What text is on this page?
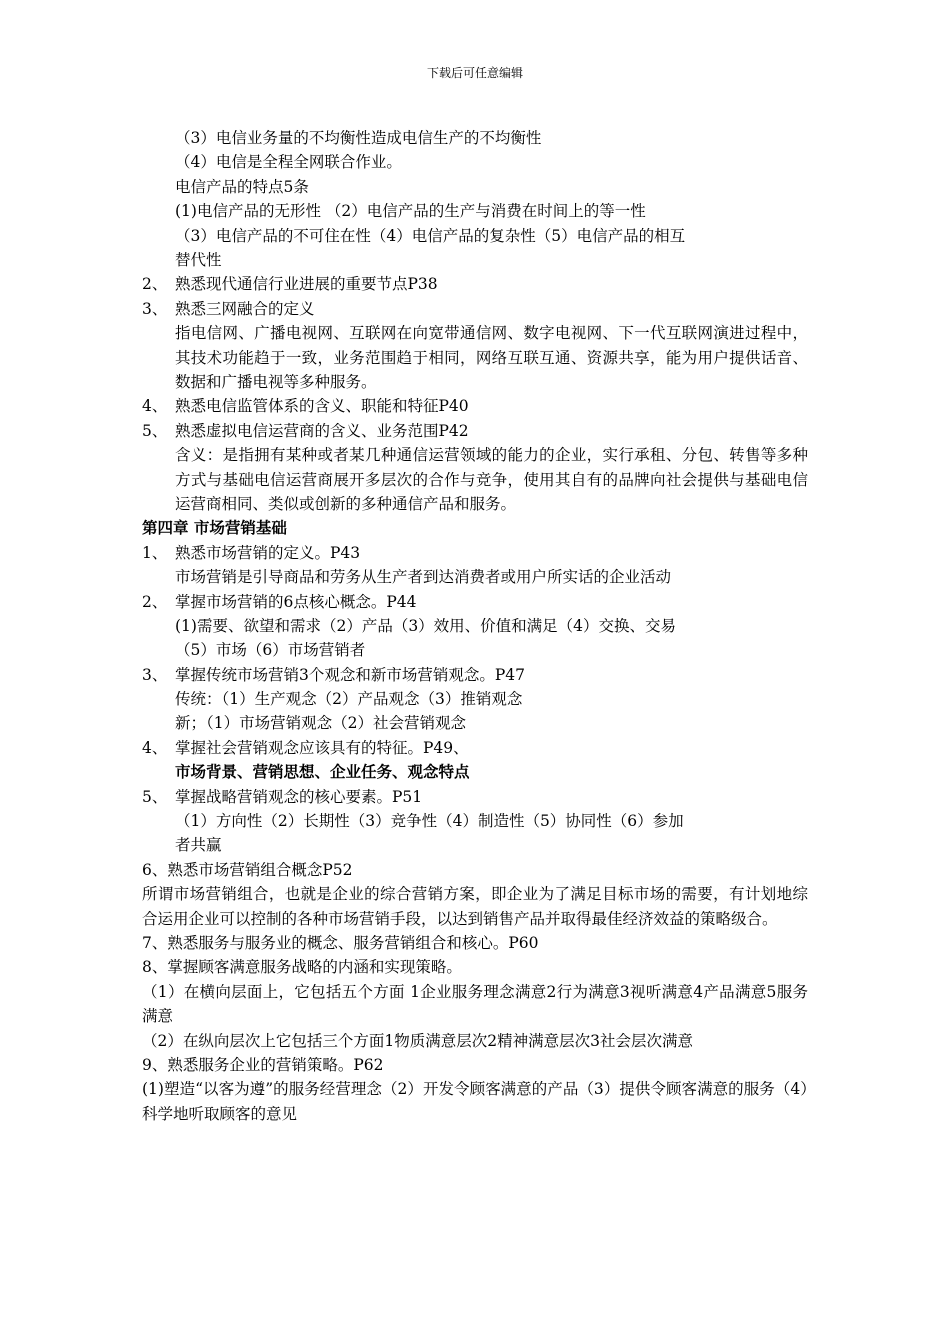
下载后可任意编辑
（3）电信业务量的不均衡性造成电信生产的不均衡性
（4）电信是全程全网联合作业。
电信产品的特点5条
(1)电信产品的无形性 （2）电信产品的生产与消费在时间上的等一性
（3）电信产品的不可住在性（4）电信产品的复杂性（5）电信产品的相互
替代性
2、 熟悉现代通信行业进展的重要节点P38
3、 熟悉三网融合的定义
指电信网、广播电视网、互联网在向宽带通信网、数字电视网、下一代互联网演进过程中，其技术功能趋于一致，业务范围趋于相同，网络互联互通、资源共享，能为用户提供话音、数据和广播电视等多种服务。
4、 熟悉电信监管体系的含义、职能和特征P40
5、 熟悉虚拟电信运营商的含义、业务范围P42
含义：是指拥有某种或者某几种通信运营领域的能力的企业，实行承租、分包、转售等多种方式与基础电信运营商展开多层次的合作与竞争，使用其自有的品牌向社会提供与基础电信运营商相同、类似或创新的多种通信产品和服务。
第四章 市场营销基础
1、 熟悉市场营销的定义。P43
市场营销是引导商品和劳务从生产者到达消费者或用户所实话的企业活动
2、 掌握市场营销的6点核心概念。P44
(1)需要、欲望和需求（2）产品（3）效用、价值和满足（4）交换、交易
（5）市场（6）市场营销者
3、 掌握传统市场营销3个观念和新市场营销观念。P47
传统：（1）生产观念（2）产品观念（3）推销观念
新；（1）市场营销观念（2）社会营销观念
4、 掌握社会营销观念应该具有的特征。P49、
市场背景、营销思想、企业任务、观念特点
5、 掌握战略营销观念的核心要素。P51
（1）方向性（2）长期性（3）竞争性（4）制造性（5）协同性（6）参加
者共赢
6、熟悉市场营销组合概念P52
所谓市场营销组合，也就是企业的综合营销方案，即企业为了满足目标市场的需要，有计划地综合运用企业可以控制的各种市场营销手段，以达到销售产品并取得最佳经济效益的策略级合。
7、熟悉服务与服务业的概念、服务营销组合和核心。P60
8、掌握顾客满意服务战略的内涵和实现策略。
（1）在横向层面上，它包括五个方面 1企业服务理念满意2行为满意3视听满意4产品满意5服务满意
（2）在纵向层次上它包括三个方面1物质满意层次2精神满意层次3社会层次满意
9、熟悉服务企业的营销策略。P62
(1)塑造“以客为遵”的服务经营理念（2）开发令顾客满意的产品（3）提供令顾客满意的服务（4）科学地听取顾客的意见
